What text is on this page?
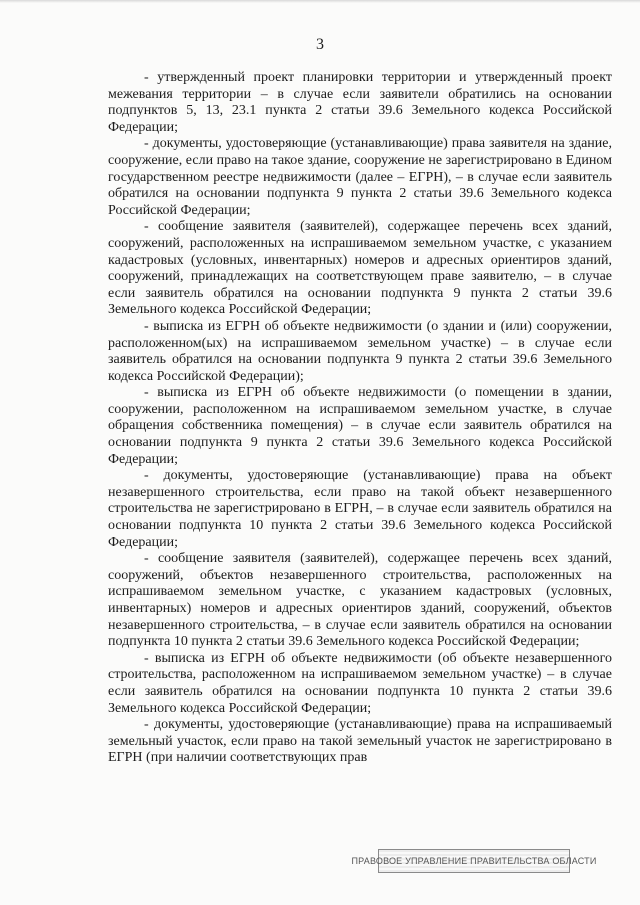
3

- утвержденный проект планировки территории и утвержденный проект межевания территории – в случае если заявители обратились на основании подпунктов 5, 13, 23.1 пункта 2 статьи 39.6 Земельного кодекса Российской Федерации;

- документы, удостоверяющие (устанавливающие) права заявителя на здание, сооружение, если право на такое здание, сооружение не зарегистрировано в Едином государственном реестре недвижимости (далее – ЕГРН), – в случае если заявитель обратился на основании подпункта 9 пункта 2 статьи 39.6 Земельного кодекса Российской Федерации;

- сообщение заявителя (заявителей), содержащее перечень всех зданий, сооружений, расположенных на испрашиваемом земельном участке, с указанием кадастровых (условных, инвентарных) номеров и адресных ориентиров зданий, сооружений, принадлежащих на соответствующем праве заявителю, – в случае если заявитель обратился на основании подпункта 9 пункта 2 статьи 39.6 Земельного кодекса Российской Федерации;

- выписка из ЕГРН об объекте недвижимости (о здании и (или) сооружении, расположенном(ых) на испрашиваемом земельном участке) – в случае если заявитель обратился на основании подпункта 9 пункта 2 статьи 39.6 Земельного кодекса Российской Федерации);

- выписка из ЕГРН об объекте недвижимости (о помещении в здании, сооружении, расположенном на испрашиваемом земельном участке, в случае обращения собственника помещения) – в случае если заявитель обратился на основании подпункта 9 пункта 2 статьи 39.6 Земельного кодекса Российской Федерации;

- документы, удостоверяющие (устанавливающие) права на объект незавершенного строительства, если право на такой объект незавершенного строительства не зарегистрировано в ЕГРН, – в случае если заявитель обратился на основании подпункта 10 пункта 2 статьи 39.6 Земельного кодекса Российской Федерации;

- сообщение заявителя (заявителей), содержащее перечень всех зданий, сооружений, объектов незавершенного строительства, расположенных на испрашиваемом земельном участке, с указанием кадастровых (условных, инвентарных) номеров и адресных ориентиров зданий, сооружений, объектов незавершенного строительства, – в случае если заявитель обратился на основании подпункта 10 пункта 2 статьи 39.6 Земельного кодекса Российской Федерации;

- выписка из ЕГРН об объекте недвижимости (об объекте незавершенного строительства, расположенном на испрашиваемом земельном участке) – в случае если заявитель обратился на основании подпункта 10 пункта 2 статьи 39.6 Земельного кодекса Российской Федерации;

- документы, удостоверяющие (устанавливающие) права на испрашиваемый земельный участок, если право на такой земельный участок не зарегистрировано в ЕГРН (при наличии соответствующих прав

ПРАВОВОЕ УПРАВЛЕНИЕ ПРАВИТЕЛЬСТВА ОБЛАСТИ
